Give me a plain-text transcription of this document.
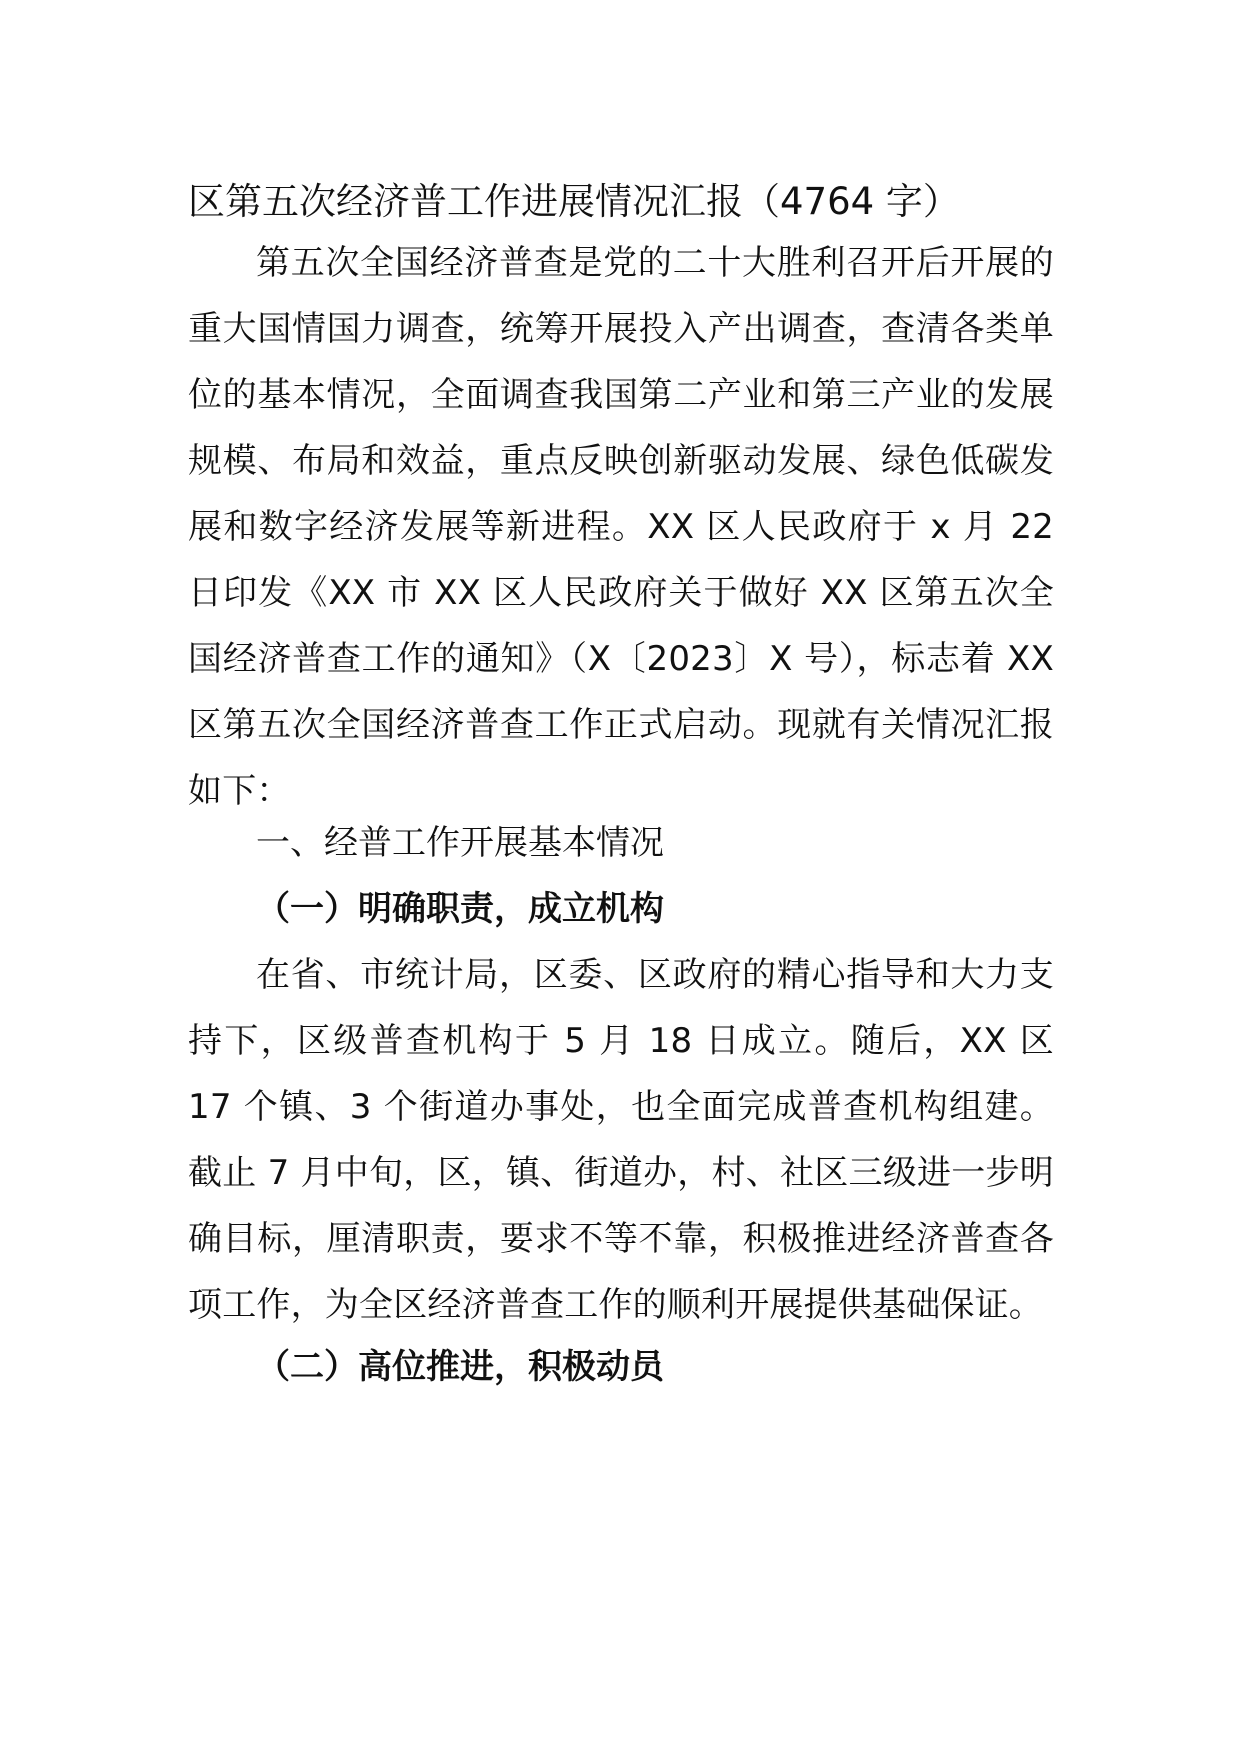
区第五次经济普工作进展情况汇报（4764 字）

第五次全国经济普查是党的二十大胜利召开后开展的重大国情国力调查，统筹开展投入产出调查，查清各类单位的基本情况，全面调查我国第二产业和第三产业的发展规模、布局和效益，重点反映创新驱动发展、绿色低碳发展和数字经济发展等新进程。XX 区人民政府于 x 月 22 日印发《XX 市 XX 区人民政府关于做好 XX 区第五次全国经济普查工作的通知》（X〔2023〕X 号），标志着 XX 区第五次全国经济普查工作正式启动。现就有关情况汇报如下：

一、经普工作开展基本情况
（一）明确职责，成立机构

在省、市统计局，区委、区政府的精心指导和大力支持下，区级普查机构于 5 月 18 日成立。随后，XX 区 17 个镇、3 个街道办事处，也全面完成普查机构组建。截止 7 月中旬，区，镇、街道办，村、社区三级进一步明确目标，厘清职责，要求不等不靠，积极推进经济普查各项工作，为全区经济普查工作的顺利开展提供基础保证。

（二）高位推进，积极动员
